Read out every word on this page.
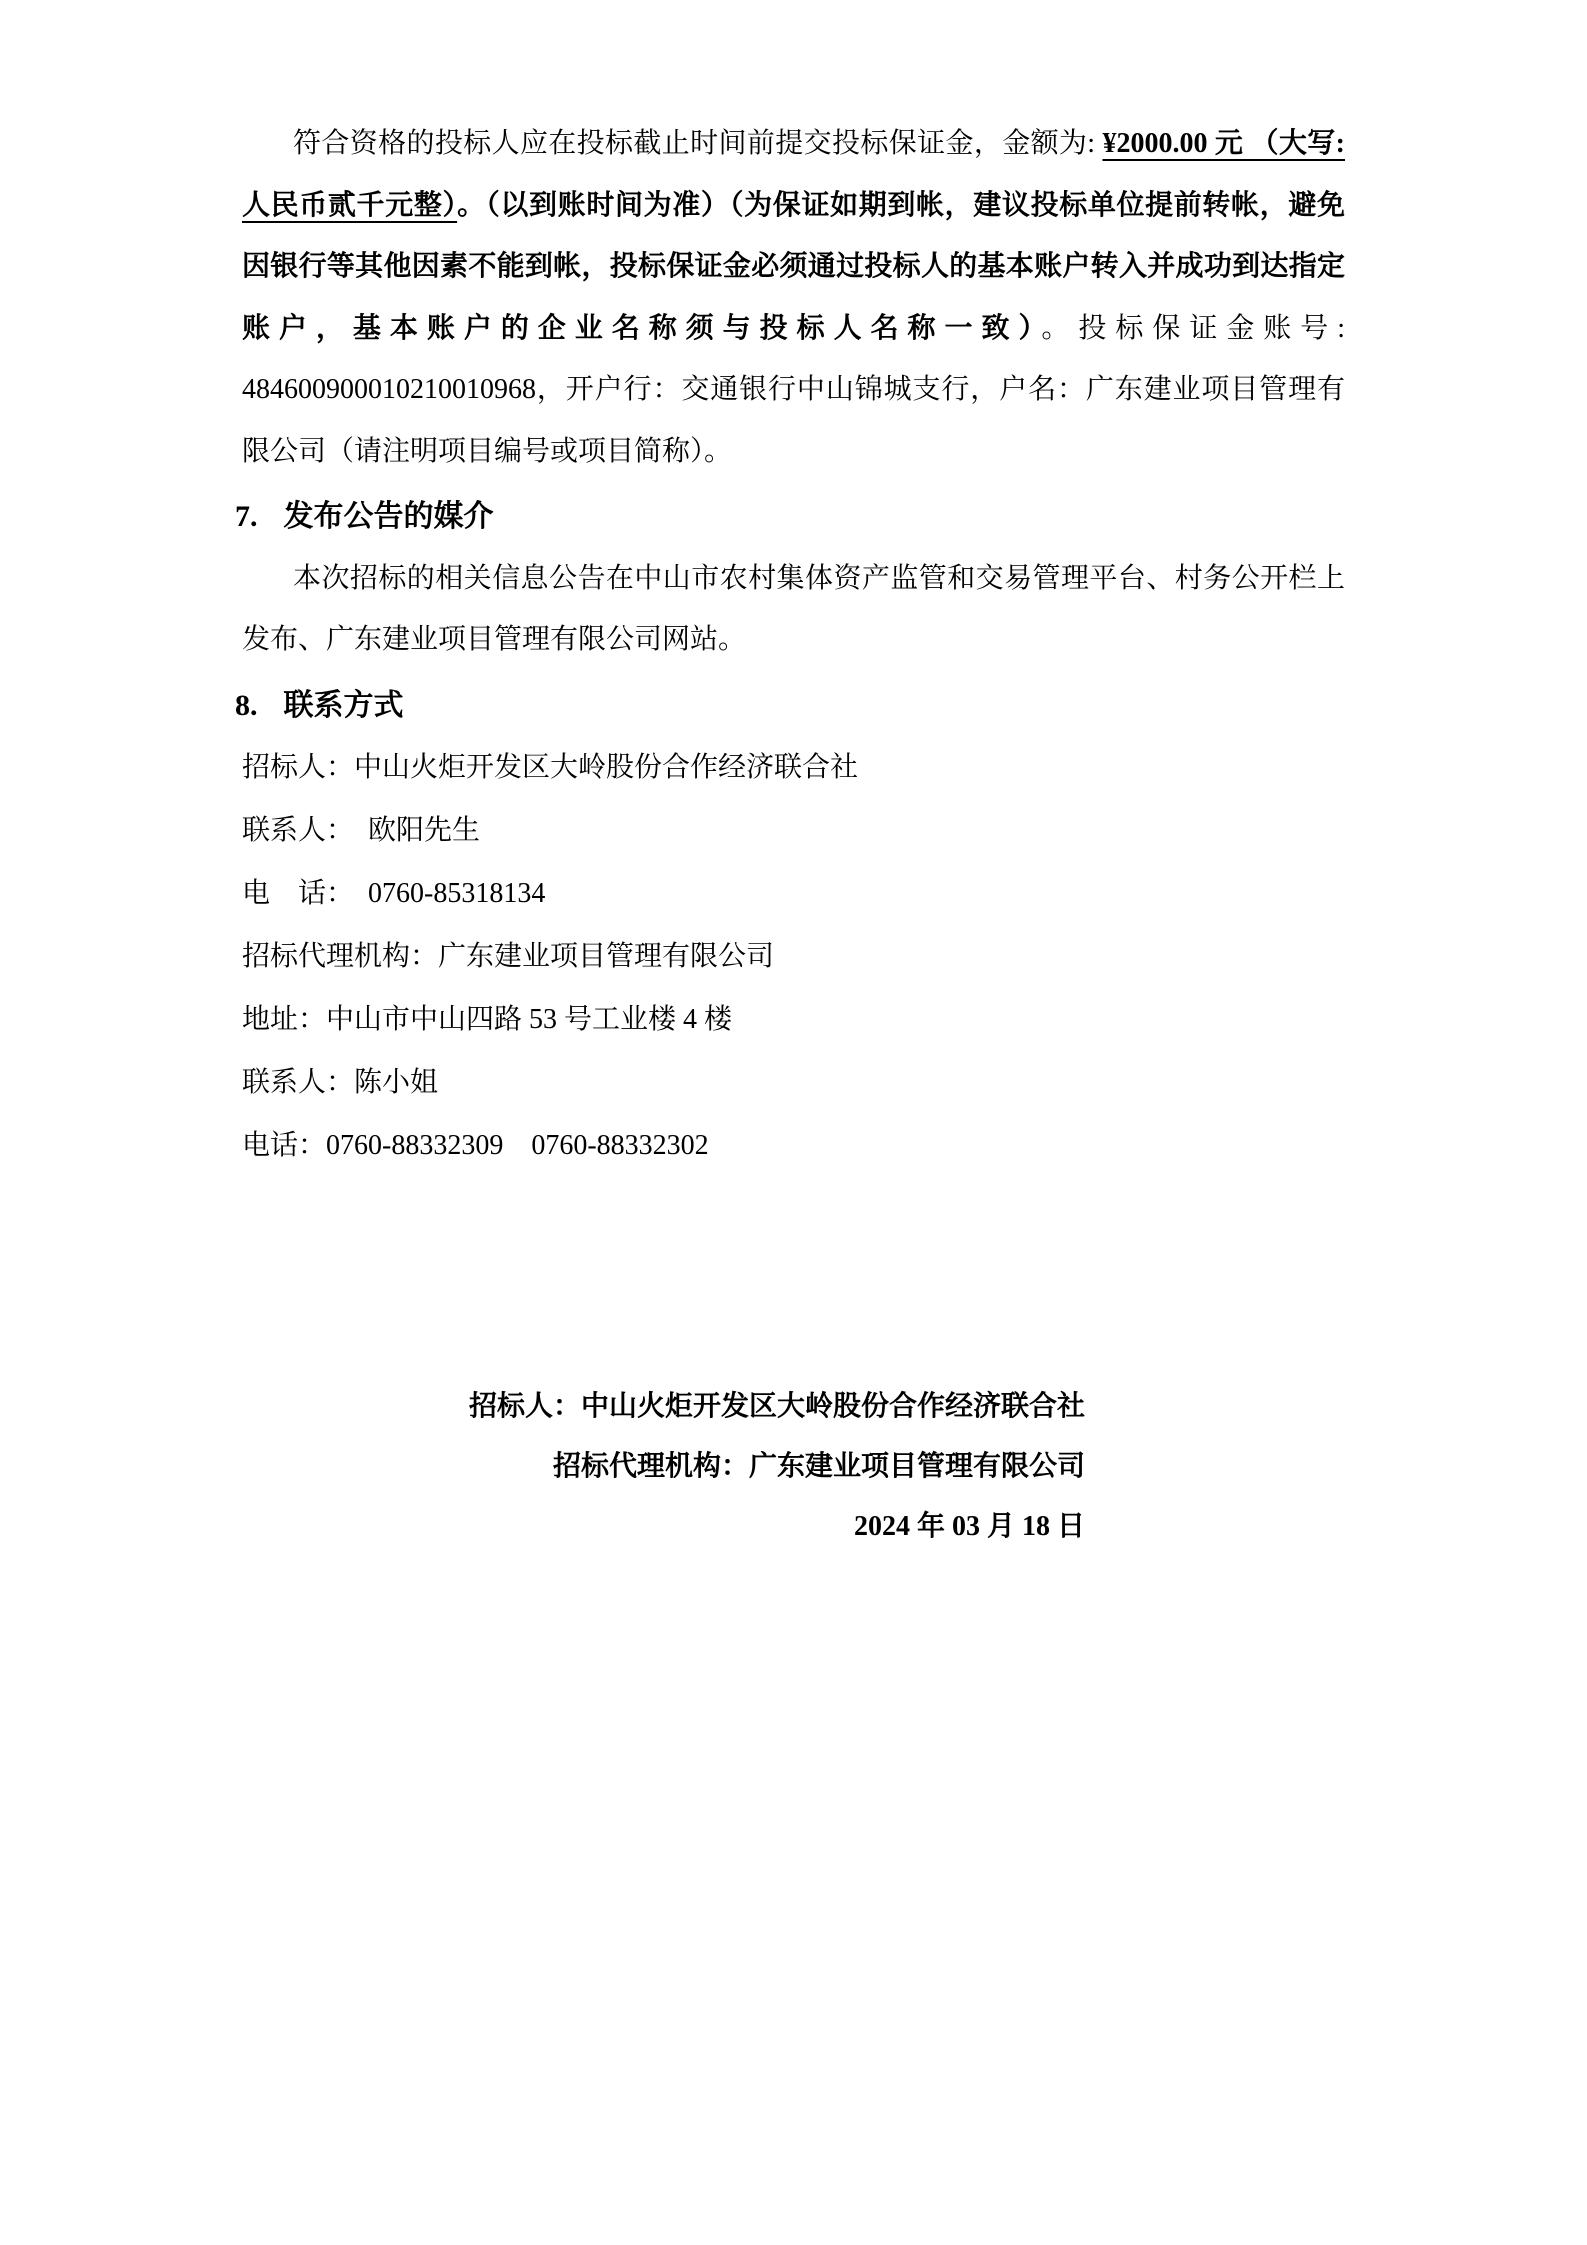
符合资格的投标人应在投标截止时间前提交投标保证金，金额为: ¥2000.00 元 （大写:人民币贰千元整）。（以到账时间为准）（为保证如期到帐，建议投标单位提前转帐，避免因银行等其他因素不能到帐，投标保证金必须通过投标人的基本账户转入并成功到达指定账户，基本账户的企业名称须与投标人名称一致）。投标保证金账号: 484600900010210010968，开户行：交通银行中山锦城支行，户名：广东建业项目管理有限公司（请注明项目编号或项目简称）。

7. 发布公告的媒介

本次招标的相关信息公告在中山市农村集体资产监管和交易管理平台、村务公开栏上发布、广东建业项目管理有限公司网站。

8. 联系方式

招标人：中山火炬开发区大岭股份合作经济联合社

联系人：  欧阳先生

电    话：  0760-85318134

招标代理机构：广东建业项目管理有限公司

地址：中山市中山四路 53 号工业楼 4 楼

联系人：陈小姐

电话：0760-88332309    0760-88332302

招标人：中山火炬开发区大岭股份合作经济联合社

招标代理机构：广东建业项目管理有限公司

2024 年 03 月 18 日
